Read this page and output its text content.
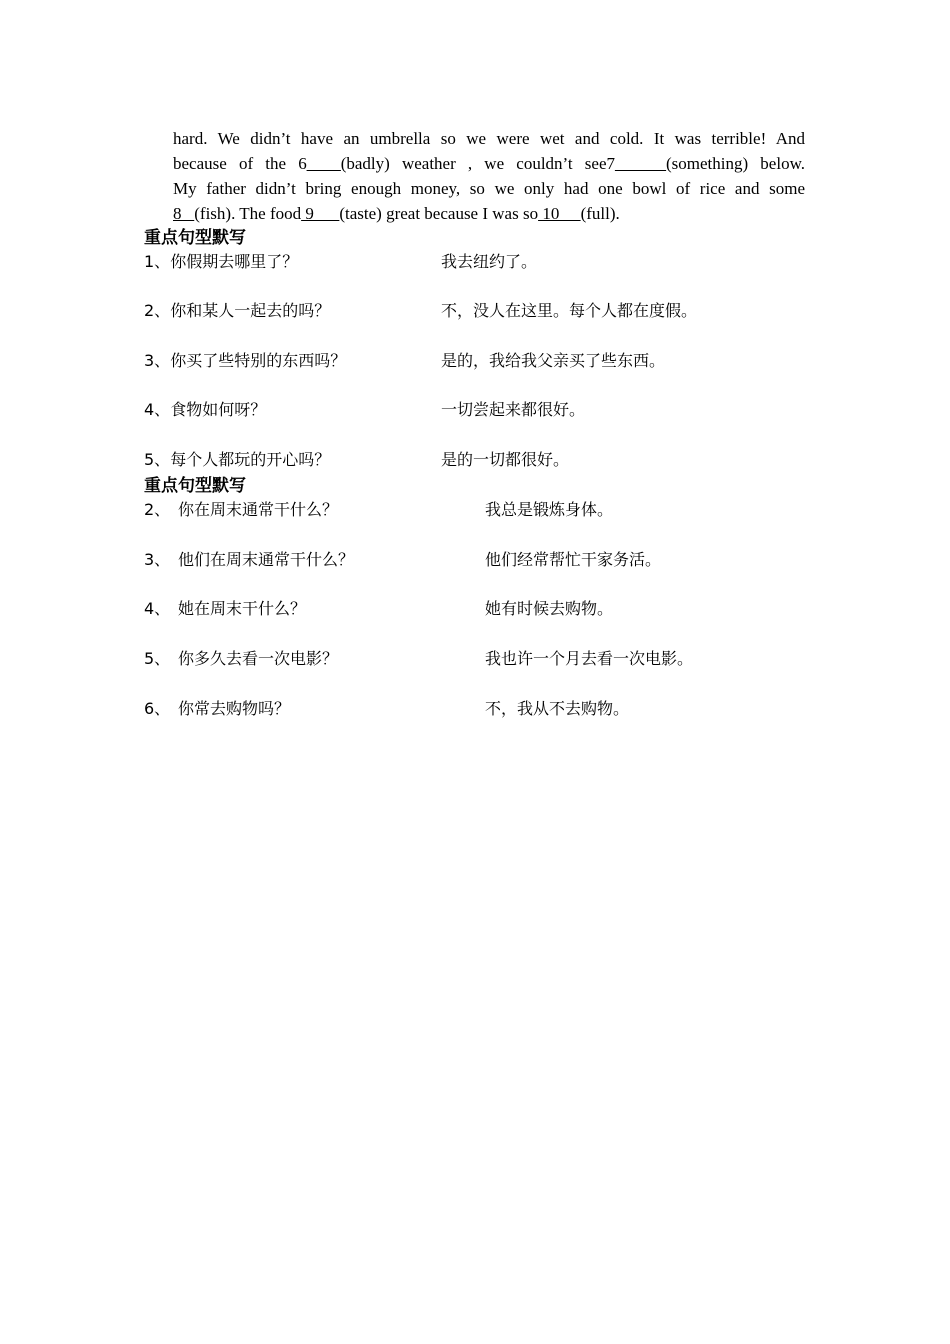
hard. We didn’t have an umbrella so we were wet and cold. It was terrible! And
because of the 6____(badly) weather , we couldn’t see7______(something) below.
My father didn’t bring enough money, so we only had one bowl of rice and some
8   (fish). The food 9      (taste) great because I was so 10     (full).
重点句型默写
1、你假期去哪里了？	我去纽约了。
2、你和某人一起去的吗？	不，没人在这里。每个人都在度假。
3、你买了些特别的东西吗？	是的，我给我父亲买了些东西。
4、食物如何呀？	一切尝起来都很好。
5、每个人都玩的开心吗？	是的一切都很好。
重点句型默写
2、 你在周末通常干什么？	我总是锻炼身体。
3、 他们在周末通常干什么？	他们经常帮忙干家务活。
4、 她在周末干什么？	她有时候去购物。
5、 你多久去看一次电影？	我也许一个月去看一次电影。
6、 你常去购物吗？	不，我从不去购物。
